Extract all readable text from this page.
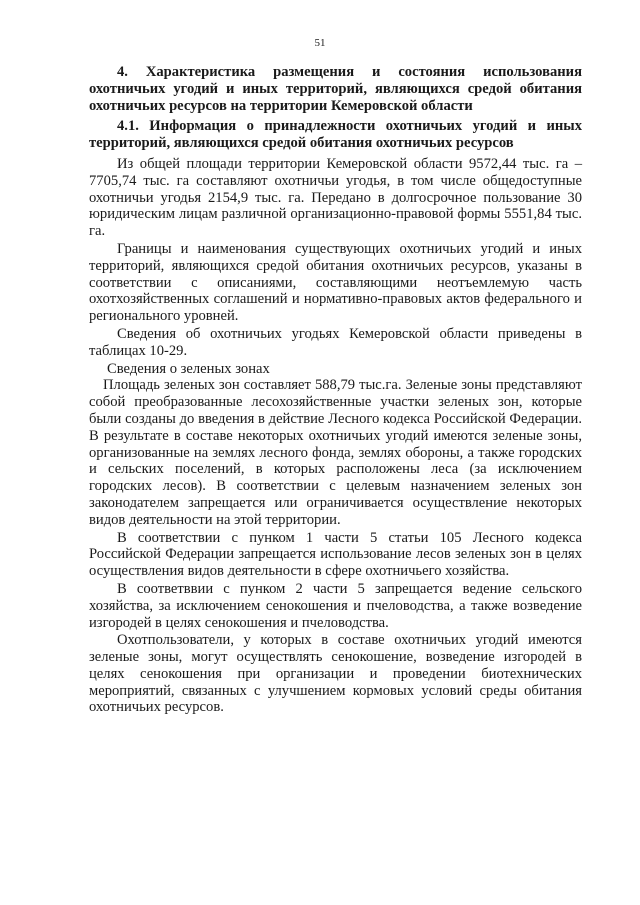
51

4. Характеристика размещения и состояния использования охотничьих угодий и иных территорий, являющихся средой обитания охотничьих ресурсов на территории Кемеровской области

4.1. Информация о принадлежности охотничьих угодий и иных территорий, являющихся средой обитания охотничьих ресурсов

Из общей площади территории Кемеровской области 9572,44 тыс. га – 7705,74 тыс. га составляют охотничьи угодья, в том числе общедоступные охотничьи угодья 2154,9 тыс. га. Передано в долгосрочное пользование 30 юридическим лицам различной организационно-правовой формы 5551,84 тыс. га.

Границы и наименования существующих охотничьих угодий и иных территорий, являющихся средой обитания охотничьих ресурсов, указаны в соответствии с описаниями, составляющими неотъемлемую часть охотхозяйственных соглашений и нормативно-правовых актов федерального и регионального уровней.

Сведения об охотничьих угодьях Кемеровской области приведены в таблицах 10-29.

Сведения о зеленых зонах

Площадь зеленых зон составляет 588,79 тыс.га. Зеленые зоны представляют собой преобразованные лесохозяйственные участки зеленых зон, которые были созданы до введения в действие Лесного кодекса Российской Федерации. В результате в составе некоторых охотничьих угодий имеются зеленые зоны, организованные на землях лесного фонда, землях обороны, а также городских и сельских поселений, в которых расположены леса (за исключением городских лесов). В соответствии с целевым назначением зеленых зон законодателем запрещается или ограничивается осуществление некоторых видов деятельности на этой территории.

В соответствии с пунком 1 части 5 статьи 105 Лесного кодекса Российской Федерации запрещается использование лесов зеленых зон в целях осуществления видов деятельности в сфере охотничьего хозяйства.

В соответввии с пунком 2 части 5 запрещается ведение сельского хозяйства, за исключением сенокошения и пчеловодства, а также возведение изгородей в целях сенокошения и пчеловодства.

Охотпользователи, у которых в составе охотничьих угодий имеются зеленые зоны, могут осуществлять сенокошение, возведение изгородей в целях сенокошения при организации и проведении биотехнических мероприятий, связанных с улучшением кормовых условий среды обитания охотничьих ресурсов.
